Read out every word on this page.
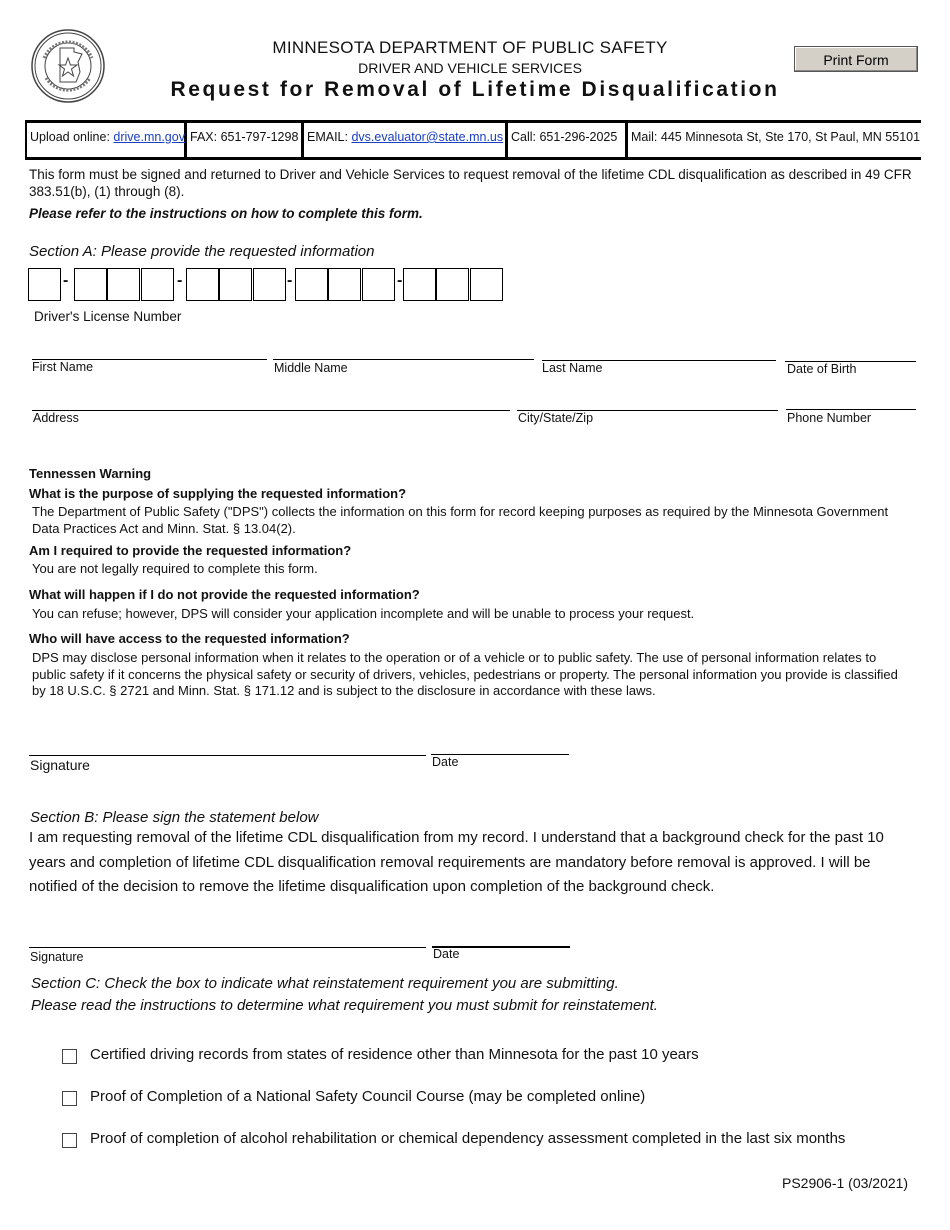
MINNESOTA DEPARTMENT OF PUBLIC SAFETY
DRIVER AND VEHICLE SERVICES
Request for Removal of Lifetime Disqualification
Print Form
Upload online: drive.mn.gov FAX: 651-797-1298 EMAIL: dvs.evaluator@state.mn.us Call: 651-296-2025	Mail: 445 Minnesota St, Ste 170, St Paul, MN 55101
This form must be signed and returned to Driver and Vehicle Services to request removal of the lifetime CDL disqualification as described in 49 CFR 383.51(b), (1) through (8).
Please refer to the instructions on how to complete this form.
Section A: Please provide the requested information
-	-	-	-
Driver's License Number
First Name	Middle Name	Last Name	Date of Birth
Address	City/State/Zip	Phone Number
Tennessen Warning
What is the purpose of supplying the requested information?
The Department of Public Safety ("DPS") collects the information on this form for record keeping purposes as required by the Minnesota Government Data Practices Act and Minn. Stat. § 13.04(2).
Am I required to provide the requested information?
You are not legally required to complete this form.
What will happen if I do not provide the requested information?
You can refuse; however, DPS will consider your application incomplete and will be unable to process your request.
Who will have access to the requested information?
DPS may disclose personal information when it relates to the operation or of a vehicle or to public safety. The use of personal information relates to public safety if it concerns the physical safety or security of drivers, vehicles, pedestrians or property. The personal information you provide is classified by 18 U.S.C. § 2721 and Minn. Stat. § 171.12 and is subject to the disclosure in accordance with these laws.
Signature	Date
Section B: Please sign the statement below
I am requesting removal of the lifetime CDL disqualification from my record. I understand that a background check for the past 10 years and completion of lifetime CDL disqualification removal requirements are mandatory before removal is approved. I will be notified of the decision to remove the lifetime disqualification upon completion of the background check.
Signature	Date
Section C: Check the box to indicate what reinstatement requirement you are submitting.
Please read the instructions to determine what requirement you must submit for reinstatement.
Certified driving records from states of residence other than Minnesota for the past 10 years
Proof of Completion of a National Safety Council Course (may be completed online)
Proof of completion of alcohol rehabilitation or chemical dependency assessment completed in the last six months
PS2906-1 (03/2021)
